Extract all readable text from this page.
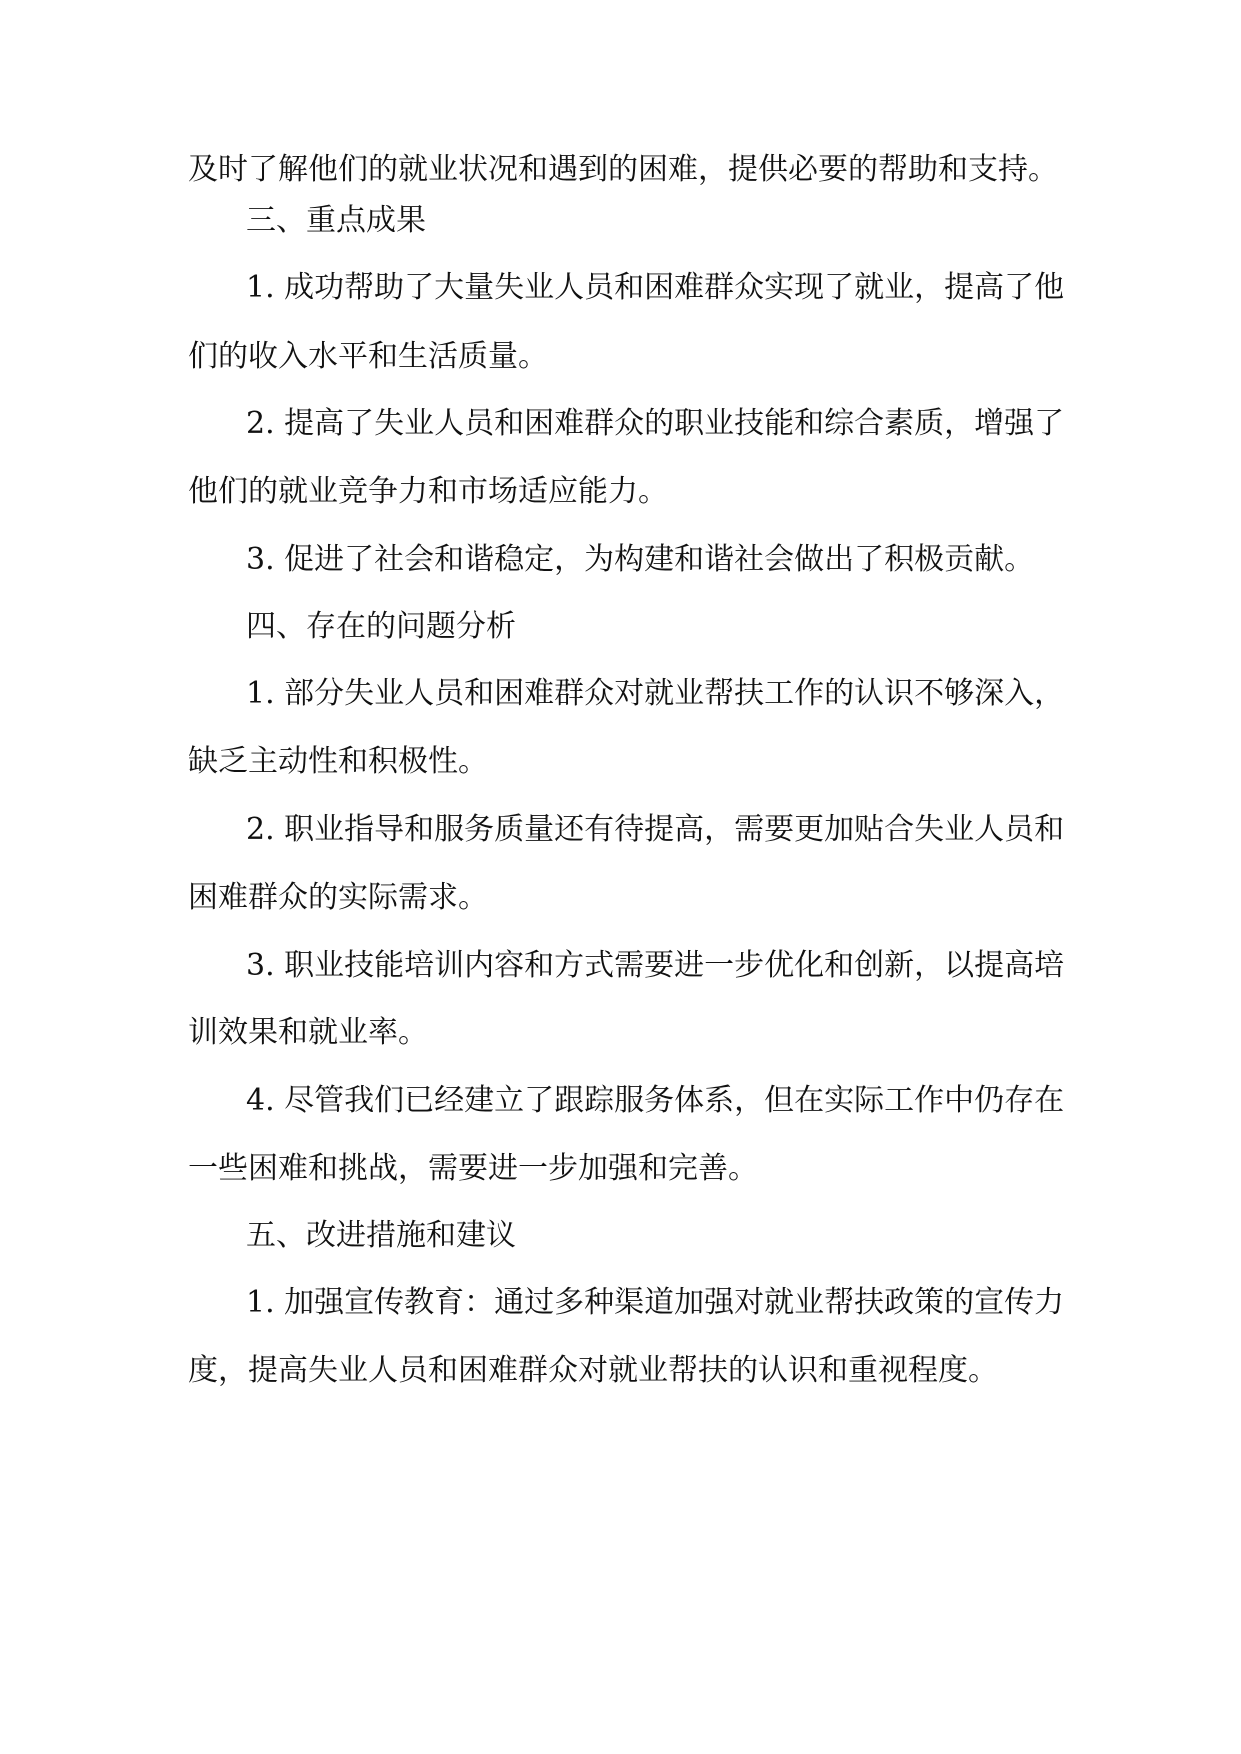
及时了解他们的就业状况和遇到的困难，提供必要的帮助和支持。

三、重点成果

1. 成功帮助了大量失业人员和困难群众实现了就业，提高了他

们的收入水平和生活质量。

2. 提高了失业人员和困难群众的职业技能和综合素质，增强了

他们的就业竞争力和市场适应能力。

3. 促进了社会和谐稳定，为构建和谐社会做出了积极贡献。

四、存在的问题分析

1. 部分失业人员和困难群众对就业帮扶工作的认识不够深入，

缺乏主动性和积极性。

2. 职业指导和服务质量还有待提高，需要更加贴合失业人员和

困难群众的实际需求。

3. 职业技能培训内容和方式需要进一步优化和创新，以提高培

训效果和就业率。

4. 尽管我们已经建立了跟踪服务体系，但在实际工作中仍存在

一些困难和挑战，需要进一步加强和完善。

五、改进措施和建议

1. 加强宣传教育：通过多种渠道加强对就业帮扶政策的宣传力

度，提高失业人员和困难群众对就业帮扶的认识和重视程度。
